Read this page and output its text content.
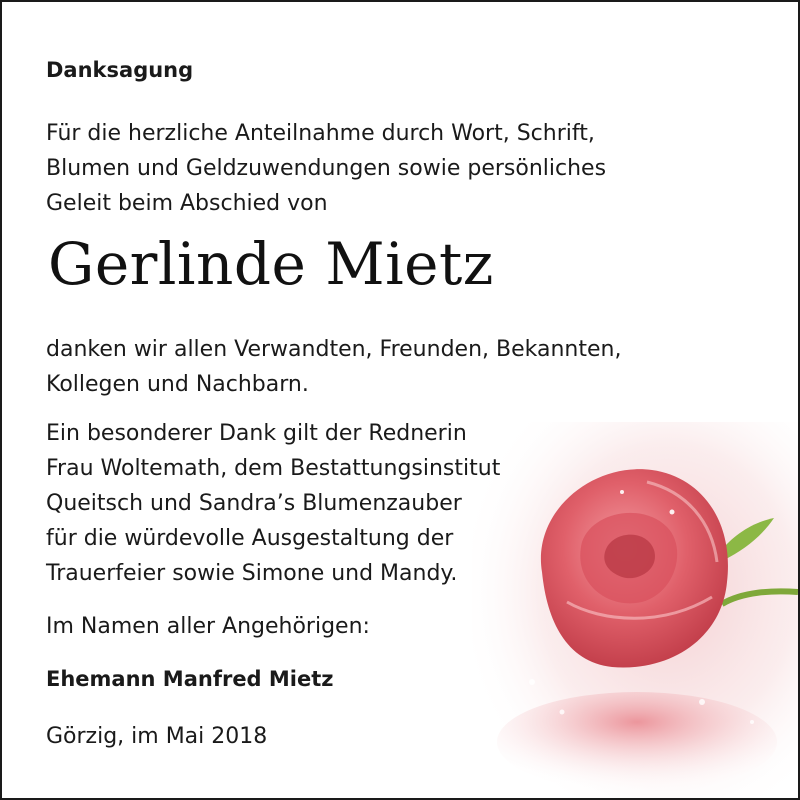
Danksagung
Für die herzliche Anteilnahme durch Wort, Schrift,
Blumen und Geldzuwendungen sowie persönliches
Geleit beim Abschied von
Gerlinde Mietz
danken wir allen Verwandten, Freunden, Bekannten,
Kollegen und Nachbarn.
Ein besonderer Dank gilt der Rednerin
Frau Woltemath, dem Bestattungsinstitut
Queitsch und Sandra’s Blumenzauber
für die würdevolle Ausgestaltung der
Trauerfeier sowie Simone und Mandy.
Im Namen aller Angehörigen:
Ehemann Manfred Mietz
Görzig, im Mai 2018
